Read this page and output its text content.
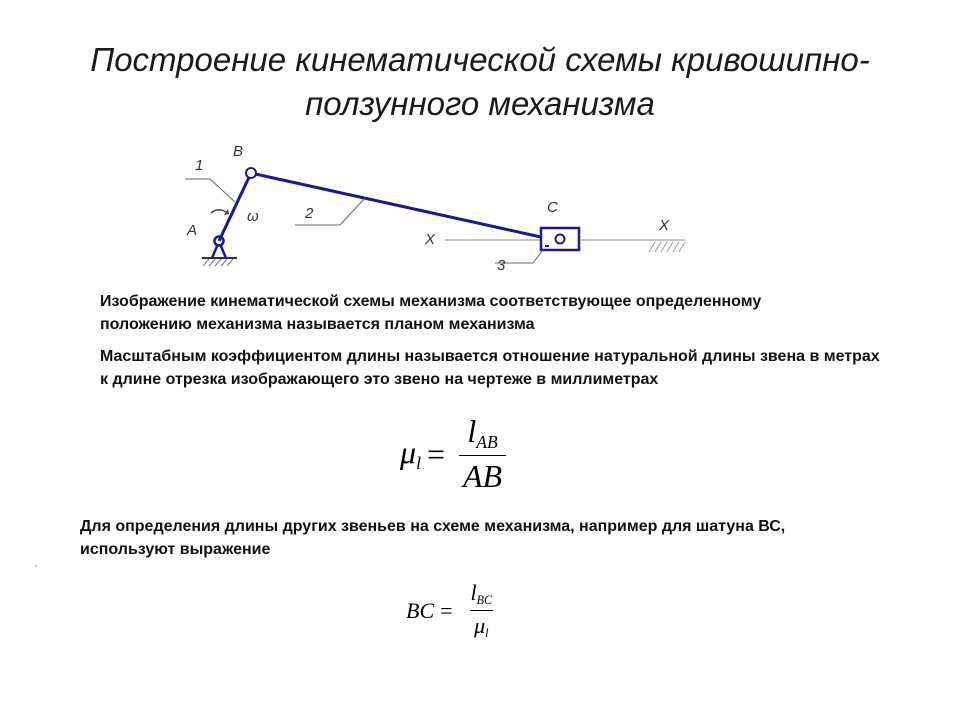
Построение кинематической схемы кривошипно-ползунного механизма
1
B
A
ω	2
X
C
X
3

Изображение кинематической схемы механизма соответствующее определенному положению механизма называется планом механизма

Масштабным коэффициентом длины называется отношение натуральной длины звена в метрах к длине отрезка изображающего это звено на чертеже в миллиметрах

$\mu_l = \frac{l_{AB}}{AB}$

Для определения длины других звеньев на схеме механизма, например для шатуна ВС, используют выражение

ˏ
BC = $\frac{l_{BC}}{\mu_l}$
